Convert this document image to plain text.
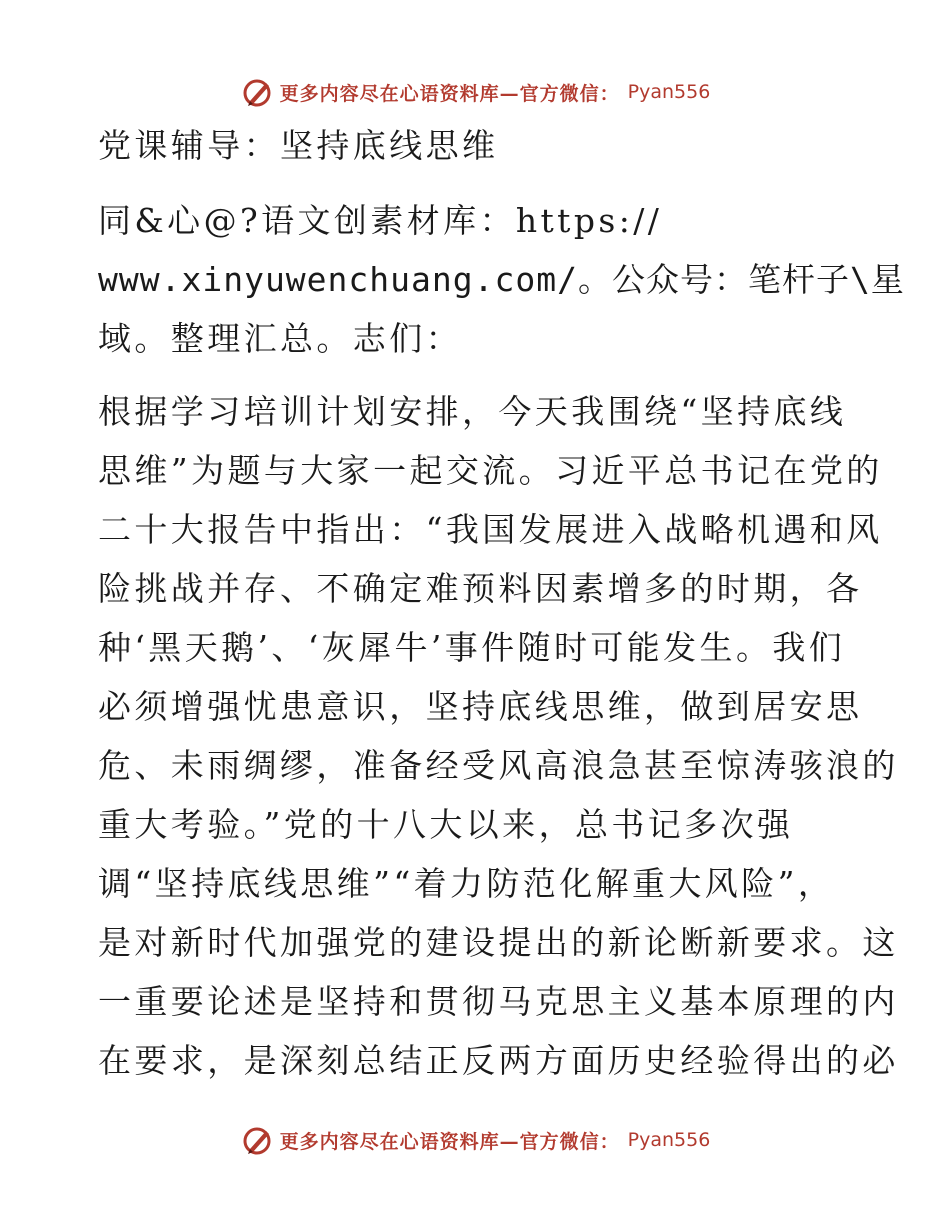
更多内容尽在心语资料库—官方微信： Pyan556
党课辅导：坚持底线思维
同&心@?语文创素材库：https://
www.xinyuwenchuang.com/。公众号：笔杆子\星
域。整理汇总。志们：
根据学习培训计划安排，今天我围绕“坚持底线
思维”为题与大家一起交流。习近平总书记在党的
二十大报告中指出：“我国发展进入战略机遇和风
险挑战并存、不确定难预料因素增多的时期，各
种‘黑天鹅’、‘灰犀牛’事件随时可能发生。我们
必须增强忧患意识，坚持底线思维，做到居安思
危、未雨绸缪，准备经受风高浪急甚至惊涛骇浪的
重大考验。”党的十八大以来，总书记多次强
调“坚持底线思维”“着力防范化解重大风险”，
是对新时代加强党的建设提出的新论断新要求。这
一重要论述是坚持和贯彻马克思主义基本原理的内
在要求，是深刻总结正反两方面历史经验得出的必
更多内容尽在心语资料库—官方微信： Pyan556
